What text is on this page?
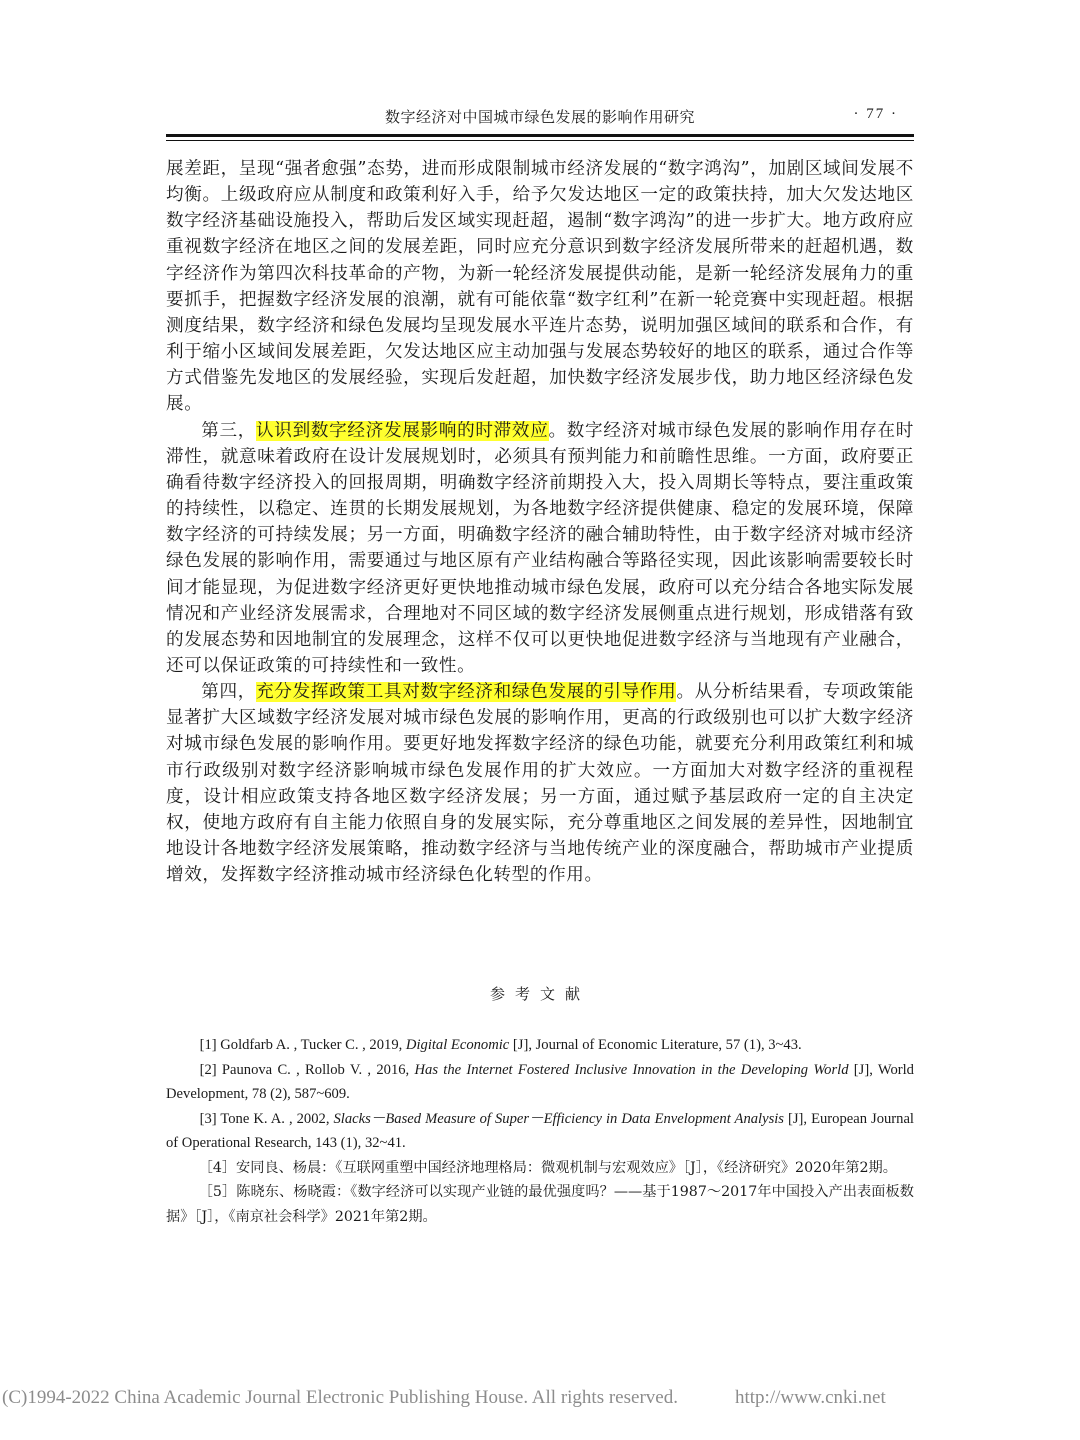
数字经济对中国城市绿色发展的影响作用研究	· 77 ·

展差距，呈现“强者愈强”态势，进而形成限制城市经济发展的“数字鸿沟”，加剧区域间发展不均衡。上级政府应从制度和政策利好入手，给予欠发达地区一定的政策扶持，加大欠发达地区数字经济基础设施投入，帮助后发区域实现赶超，遏制“数字鸿沟”的进一步扩大。地方政府应重视数字经济在地区之间的发展差距，同时应充分意识到数字经济发展所带来的赶超机遇，数字经济作为第四次科技革命的产物，为新一轮经济发展提供动能，是新一轮经济发展角力的重要抓手，把握数字经济发展的浪潮，就有可能依靠“数字红利”在新一轮竞赛中实现赶超。根据测度结果，数字经济和绿色发展均呈现发展水平连片态势，说明加强区域间的联系和合作，有利于缩小区域间发展差距，欠发达地区应主动加强与发展态势较好的地区的联系，通过合作等方式借鉴先发地区的发展经验，实现后发赶超，加快数字经济发展步伐，助力地区经济绿色发展。

第三，认识到数字经济发展影响的时滞效应。数字经济对城市绿色发展的影响作用存在时滞性，就意味着政府在设计发展规划时，必须具有预判能力和前瞻性思维。一方面，政府要正确看待数字经济投入的回报周期，明确数字经济前期投入大，投入周期长等特点，要注重政策的持续性，以稳定、连贯的长期发展规划，为各地数字经济提供健康、稳定的发展环境，保障数字经济的可持续发展；另一方面，明确数字经济的融合辅助特性，由于数字经济对城市经济绿色发展的影响作用，需要通过与地区原有产业结构融合等路径实现，因此该影响需要较长时间才能显现，为促进数字经济更好更快地推动城市绿色发展，政府可以充分结合各地实际发展情况和产业经济发展需求，合理地对不同区域的数字经济发展侧重点进行规划，形成错落有致的发展态势和因地制宜的发展理念，这样不仅可以更快地促进数字经济与当地现有产业融合，还可以保证政策的可持续性和一致性。

第四，充分发挥政策工具对数字经济和绿色发展的引导作用。从分析结果看，专项政策能显著扩大区域数字经济发展对城市绿色发展的影响作用，更高的行政级别也可以扩大数字经济对城市绿色发展的影响作用。要更好地发挥数字经济的绿色功能，就要充分利用政策红利和城市行政级别对数字经济影响城市绿色发展作用的扩大效应。一方面加大对数字经济的重视程度，设计相应政策支持各地区数字经济发展；另一方面，通过赋予基层政府一定的自主决定权，使地方政府有自主能力依照自身的发展实际，充分尊重地区之间发展的差异性，因地制宜地设计各地数字经济发展策略，推动数字经济与当地传统产业的深度融合，帮助城市产业提质增效，发挥数字经济推动城市经济绿色化转型的作用。

参考文献

[1] Goldfarb A. , Tucker C. , 2019, Digital Economic [J], Journal of Economic Literature, 57 (1), 3~43.

[2] Paunova C. , Rollob V. , 2016, Has the Internet Fostered Inclusive Innovation in the Developing World [J], World Development, 78 (2), 587~609.

[3] Tone K. A. , 2002, Slacks－Based Measure of Super－Efficiency in Data Envelopment Analysis [J], European Journal of Operational Research, 143 (1), 32~41.

［4］安同良、杨晨：《互联网重塑中国经济地理格局：微观机制与宏观效应》［J］，《经济研究》2020年第2期。

［5］陈晓东、杨晓霞：《数字经济可以实现产业链的最优强度吗？——基于1987～2017年中国投入产出表面板数据》［J］，《南京社会科学》2021年第2期。

(C)1994-2022 China Academic Journal Electronic Publishing House. All rights reserved.	http://www.cnki.net
